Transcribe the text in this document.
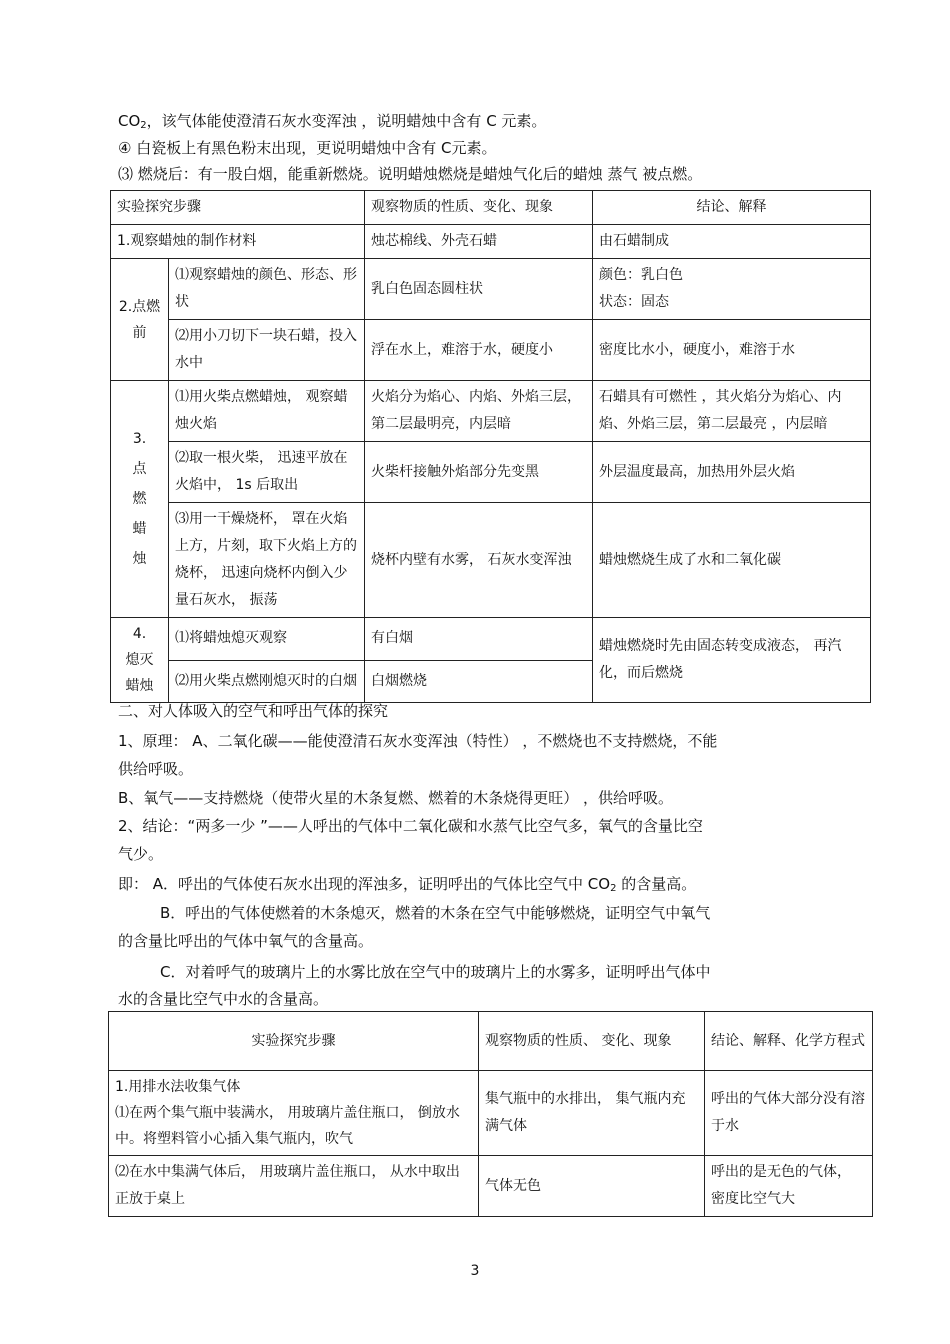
$CO_2$，该气体能使澄清石灰水变浑浊 ，说明蜡烛中含有 C 元素。
④ 白瓷板上有黑色粉末出现，更说明蜡烛中含有 C元素。
⑶ 燃烧后：有一股白烟，能重新燃烧。说明蜡烛燃烧是蜡烛气化后的蜡烛 蒸气 被点燃。
实验探究步骤		观察物质的性质、变化、现象	结论、解释
1.观察蜡烛的制作材料		烛芯棉线、外壳石蜡	由石蜡制成
2.点燃前	⑴观察蜡烛的颜色、形态、形状	乳白色固态圆柱状	颜色：乳白色
状态：固态

	⑵用小刀切下一块石蜡，投入水中	浮在水上，难溶于水，硬度小	密度比水小，硬度小，难溶于水

3.
点
燃
蜡
烛	⑴用火柴点燃蜡烛， 观察蜡烛火焰	火焰分为焰心、内焰、外焰三层，第二层最明亮，内层暗	石蜡具有可燃性 ，其火焰分为焰心、内焰、外焰三层，第二层最亮 ，内层暗
	⑵取一根火柴， 迅速平放在火焰中， 1s 后取出	火柴杆接触外焰部分先变黑	外层温度最高，加热用外层火焰
	⑶用一干燥烧杯， 罩在火焰上方，片刻，取下火焰上方的烧杯， 迅速向烧杯内倒入少量石灰水， 振荡	烧杯内壁有水雾， 石灰水变浑浊	蜡烛燃烧生成了水和二氧化碳

4.
熄灭
蜡烛	⑴将蜡烛熄灭观察	有白烟	蜡烛燃烧时先由固态转变成液态， 再汽化，而后燃烧
	⑵用火柴点燃刚熄灭时的白烟	白烟燃烧	
二、对人体吸入的空气和呼出气体的探究
1、原理： A、二氧化碳——能使澄清石灰水变浑浊（特性） ，不燃烧也不支持燃烧，不能
供给呼吸。
B、氧气——支持燃烧（使带火星的木条复燃、燃着的木条烧得更旺） ，供给呼吸。
2、结论：“两多一少 ”——人呼出的气体中二氧化碳和水蒸气比空气多，氧气的含量比空
气少。
即： A．呼出的气体使石灰水出现的浑浊多，证明呼出的气体比空气中 $CO_2$ 的含量高。
B．呼出的气体使燃着的木条熄灭，燃着的木条在空气中能够燃烧，证明空气中氧气
的含量比呼出的气体中氧气的含量高。
C．对着呼气的玻璃片上的水雾比放在空气中的玻璃片上的水雾多，证明呼出气体中
水的含量比空气中水的含量高。
实验探究步骤	观察物质的性质、 变化、现象	结论、解释、化学方程式

1.用排水法收集气体
⑴在两个集气瓶中装满水， 用玻璃片盖住瓶口， 倒放水中。将塑料管小心插入集气瓶内，吹气	集气瓶中的水排出， 集气瓶内充满气体	呼出的气体大部分没有溶于水
⑵在水中集满气体后， 用玻璃片盖住瓶口， 从水中取出 正放于桌上	气体无色	呼出的是无色的气体， 密度比空气大
3
